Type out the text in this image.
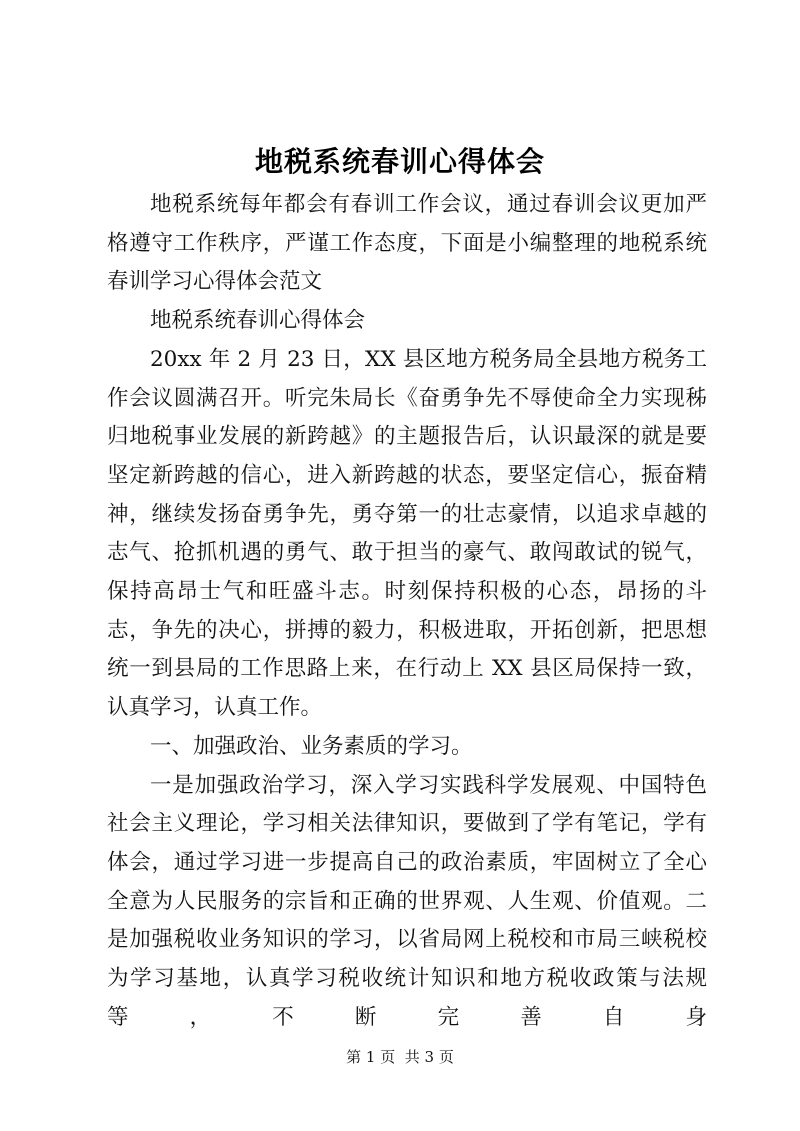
地税系统春训心得体会

地税系统每年都会有春训工作会议，通过春训会议更加严格遵守工作秩序，严谨工作态度，下面是小编整理的地税系统春训学习心得体会范文

地税系统春训心得体会

20xx 年 2 月 23 日，XX 县区地方税务局全县地方税务工作会议圆满召开。听完朱局长《奋勇争先不辱使命全力实现秭归地税事业发展的新跨越》的主题报告后，认识最深的就是要坚定新跨越的信心，进入新跨越的状态，要坚定信心，振奋精神，继续发扬奋勇争先，勇夺第一的壮志豪情，以追求卓越的志气、抢抓机遇的勇气、敢于担当的豪气、敢闯敢试的锐气，保持高昂士气和旺盛斗志。时刻保持积极的心态，昂扬的斗志，争先的决心，拼搏的毅力，积极进取，开拓创新，把思想统一到县局的工作思路上来，在行动上 XX 县区局保持一致，认真学习，认真工作。

一、加强政治、业务素质的学习。

一是加强政治学习，深入学习实践科学发展观、中国特色社会主义理论，学习相关法律知识，要做到了学有笔记，学有体会，通过学习进一步提高自己的政治素质，牢固树立了全心全意为人民服务的宗旨和正确的世界观、人生观、价值观。二是加强税收业务知识的学习，以省局网上税校和市局三峡税校为学习基地，认真学习税收统计知识和地方税收政策与法规等，不断完善自身

第 1 页  共 3 页
